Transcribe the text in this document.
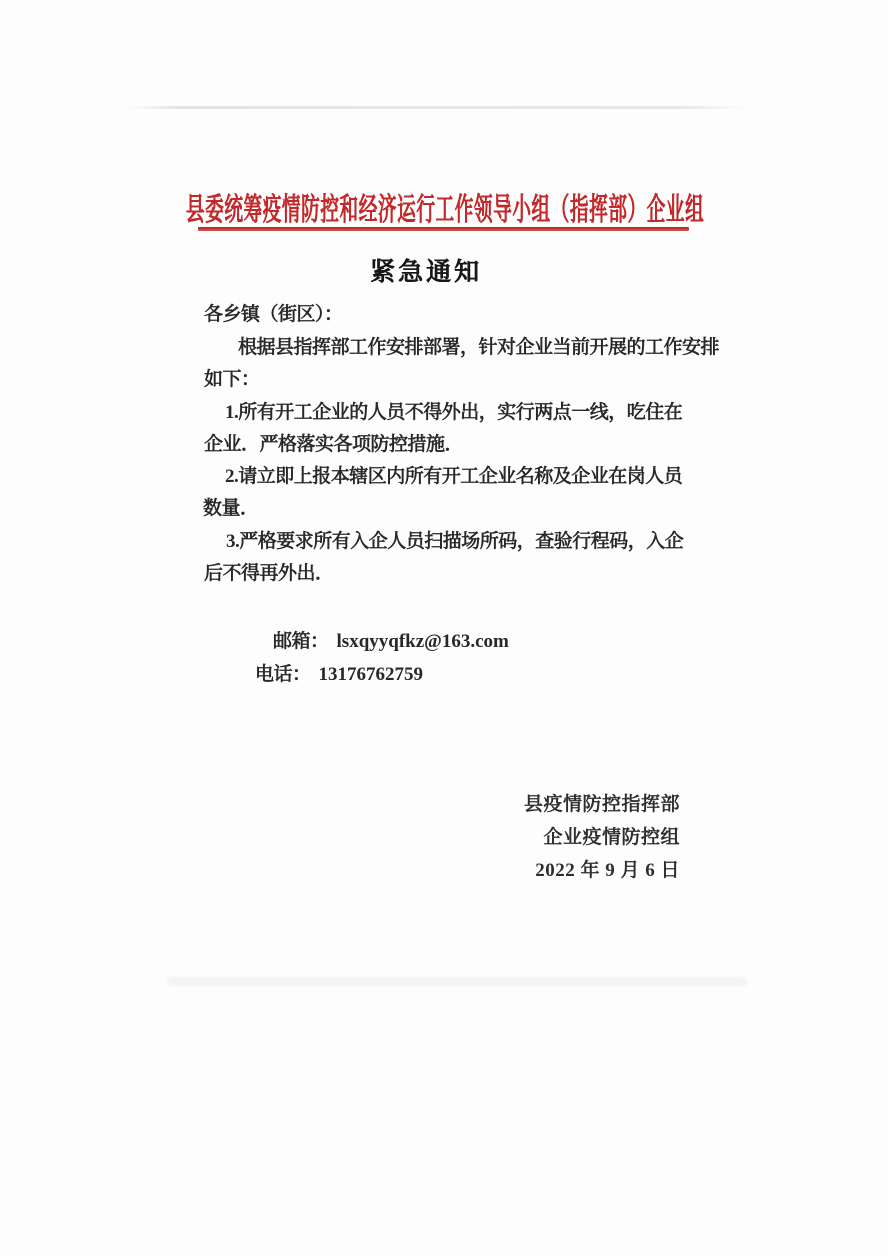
县委统筹疫情防控和经济运行工作领导小组（指挥部）企业组
紧急通知
各乡镇（街区）：
根据县指挥部工作安排部署，针对企业当前开展的工作安排
如下：
1.所有开工企业的人员不得外出，实行两点一线，吃住在
企业．严格落实各项防控措施．
2.请立即上报本辖区内所有开工企业名称及企业在岗人员
数量．
3.严格要求所有入企人员扫描场所码，查验行程码，入企
后不得再外出．
邮箱： lsxqyyqfkz@163.com
电话： 13176762759
县疫情防控指挥部
企业疫情防控组
2022 年 9 月 6 日
